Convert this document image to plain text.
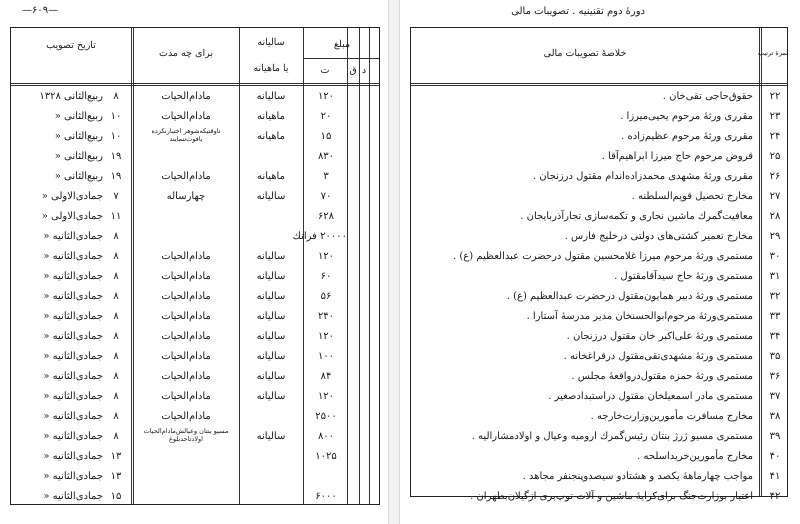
—۶۰۹—
تاریخ تصویب
برای چه مدت
سالیانه
یا ماهیانه
مبلغ
ت	ق د
۱۲۰
سالیانه
مادام‌الحیات
۸
ربیع‌الثانی ۱۳۲۸
۲۰
ماهیانه
مادام‌الحیات
۱۰
ربیع‌الثانی «
۱۵
ماهیانه
تاوقتیکه‌شوهر اختیارنکرده
یافوت‌ننمایند
۱۰
ربیع‌الثانی «
۸۳۰
۱۹
ربیع‌الثانی «
۳
ماهیانه
مادام‌الحیات
۱۹
ربیع‌الثانی «
۷۰
سالیانه
چهارساله
۷
جمادی‌الاولی «
۶۲۸
۱۱
جمادی‌الاولی «
۲۰۰۰۰ فرانك
۸
جمادی‌الثانیه «
۱۲۰
سالیانه
مادام‌الحیات
۸
جمادی‌الثانیه «
۶۰
سالیانه
مادام‌الحیات
۸
جمادی‌الثانیه «
۵۶
سالیانه
مادام‌الحیات
۸
جمادی‌الثانیه «
۲۴۰
سالیانه
مادام‌الحیات
۸
جمادی‌الثانیه «
۱۲۰
سالیانه
مادام‌الحیات
۸
جمادی‌الثانیه «
۱۰۰
سالیانه
مادام‌الحیات
۸
جمادی‌الثانیه «
۸۴
سالیانه
مادام‌الحیات
۸
جمادی‌الثانیه «
۱۲۰
سالیانه
مادام‌الحیات
۸
جمادی‌الثانیه «
۲۵۰۰
مادام‌الحیات
۸
جمادی‌الثانیه «
۸۰۰
سالیانه
مسیو بنتان وعیالش‌مادام‌الحیات
اولادتاحدبلوغ
۸
جمادی‌الثانیه «
۱۰۲۵
۱۳
جمادی‌الثانیه «
۱۳
جمادی‌الثانیه «
۶۰۰۰
۱۵
جمادی‌الثانیه «
دورهٔ دوم تقنینیه . تصویبات مالی
خلاصهٔ تصویبات مالی	نمرهٔ ترتیب
۲۲
حقوق‌حاجی تقی‌خان .
۲۳
مقرری ورثهٔ مرحوم یحیی‌میرزا .
۲۴
مقرری ورثهٔ مرحوم عظیم‌زاده .
۲۵
قروض مرحوم حاج میرزا ابراهیم‌آقا .
۲۶
مقرری ورثهٔ مشهدی محمدزاده‌اندام مقتول درزنجان .
۲۷
مخارج تحصیل قویم‌السلطنه .
۲۸
معافیت‌گمرك ماشین نجاری و تکمه‌سازی تجارآذربایجان .
۲۹
مخارج تعمیر کشتی‌های دولتی درخلیج فارس .
۳۰
مستمری ورثهٔ مرحوم میرزا غلامحسین مقتول درحضرت عبدالعظیم (ع) .
۳۱
مستمری ورثهٔ حاج سیدآقامقتول .
۳۲
مستمری ورثهٔ دبیر همایون‌مقتول درحضرت عبدالعظیم (ع) .
۳۳
مستمری‌ورثهٔ مرحوم‌ابوالحسنخان مدیر مدرسهٔ آستارا .
۳۴
مستمری ورثهٔ علی‌اکبر خان مقتول درزنجان .
۳۵
مستمری ورثهٔ مشهدی‌تقی‌مقتول درقراغخانه .
۳۶
مستمری ورثهٔ حمزه مقتول‌درواقعهٔ مجلس .
۳۷
مستمری مادر اسمعیلخان مقتول دراستبدادصغیر .
۳۸
مخارج مسافرت مأمورین‌وزارت‌خارجه .
۳۹
مستمری مسیو ژرژ بنتان رئیس‌گمرك ارومیه وعیال و اولادمشارالیه .
۴۰
مخارج مأمورین‌خریداسلحه .
۴۱
مواجب چهارماههٔ یکصد و هشتادو سیصدوپنجنفر مجاهد .
۴۲
اعتبار بوزارت‌جنگ برای‌کرایهٔ ماشین و آلات توپ‌بری ازگیلان‌بطهران .
